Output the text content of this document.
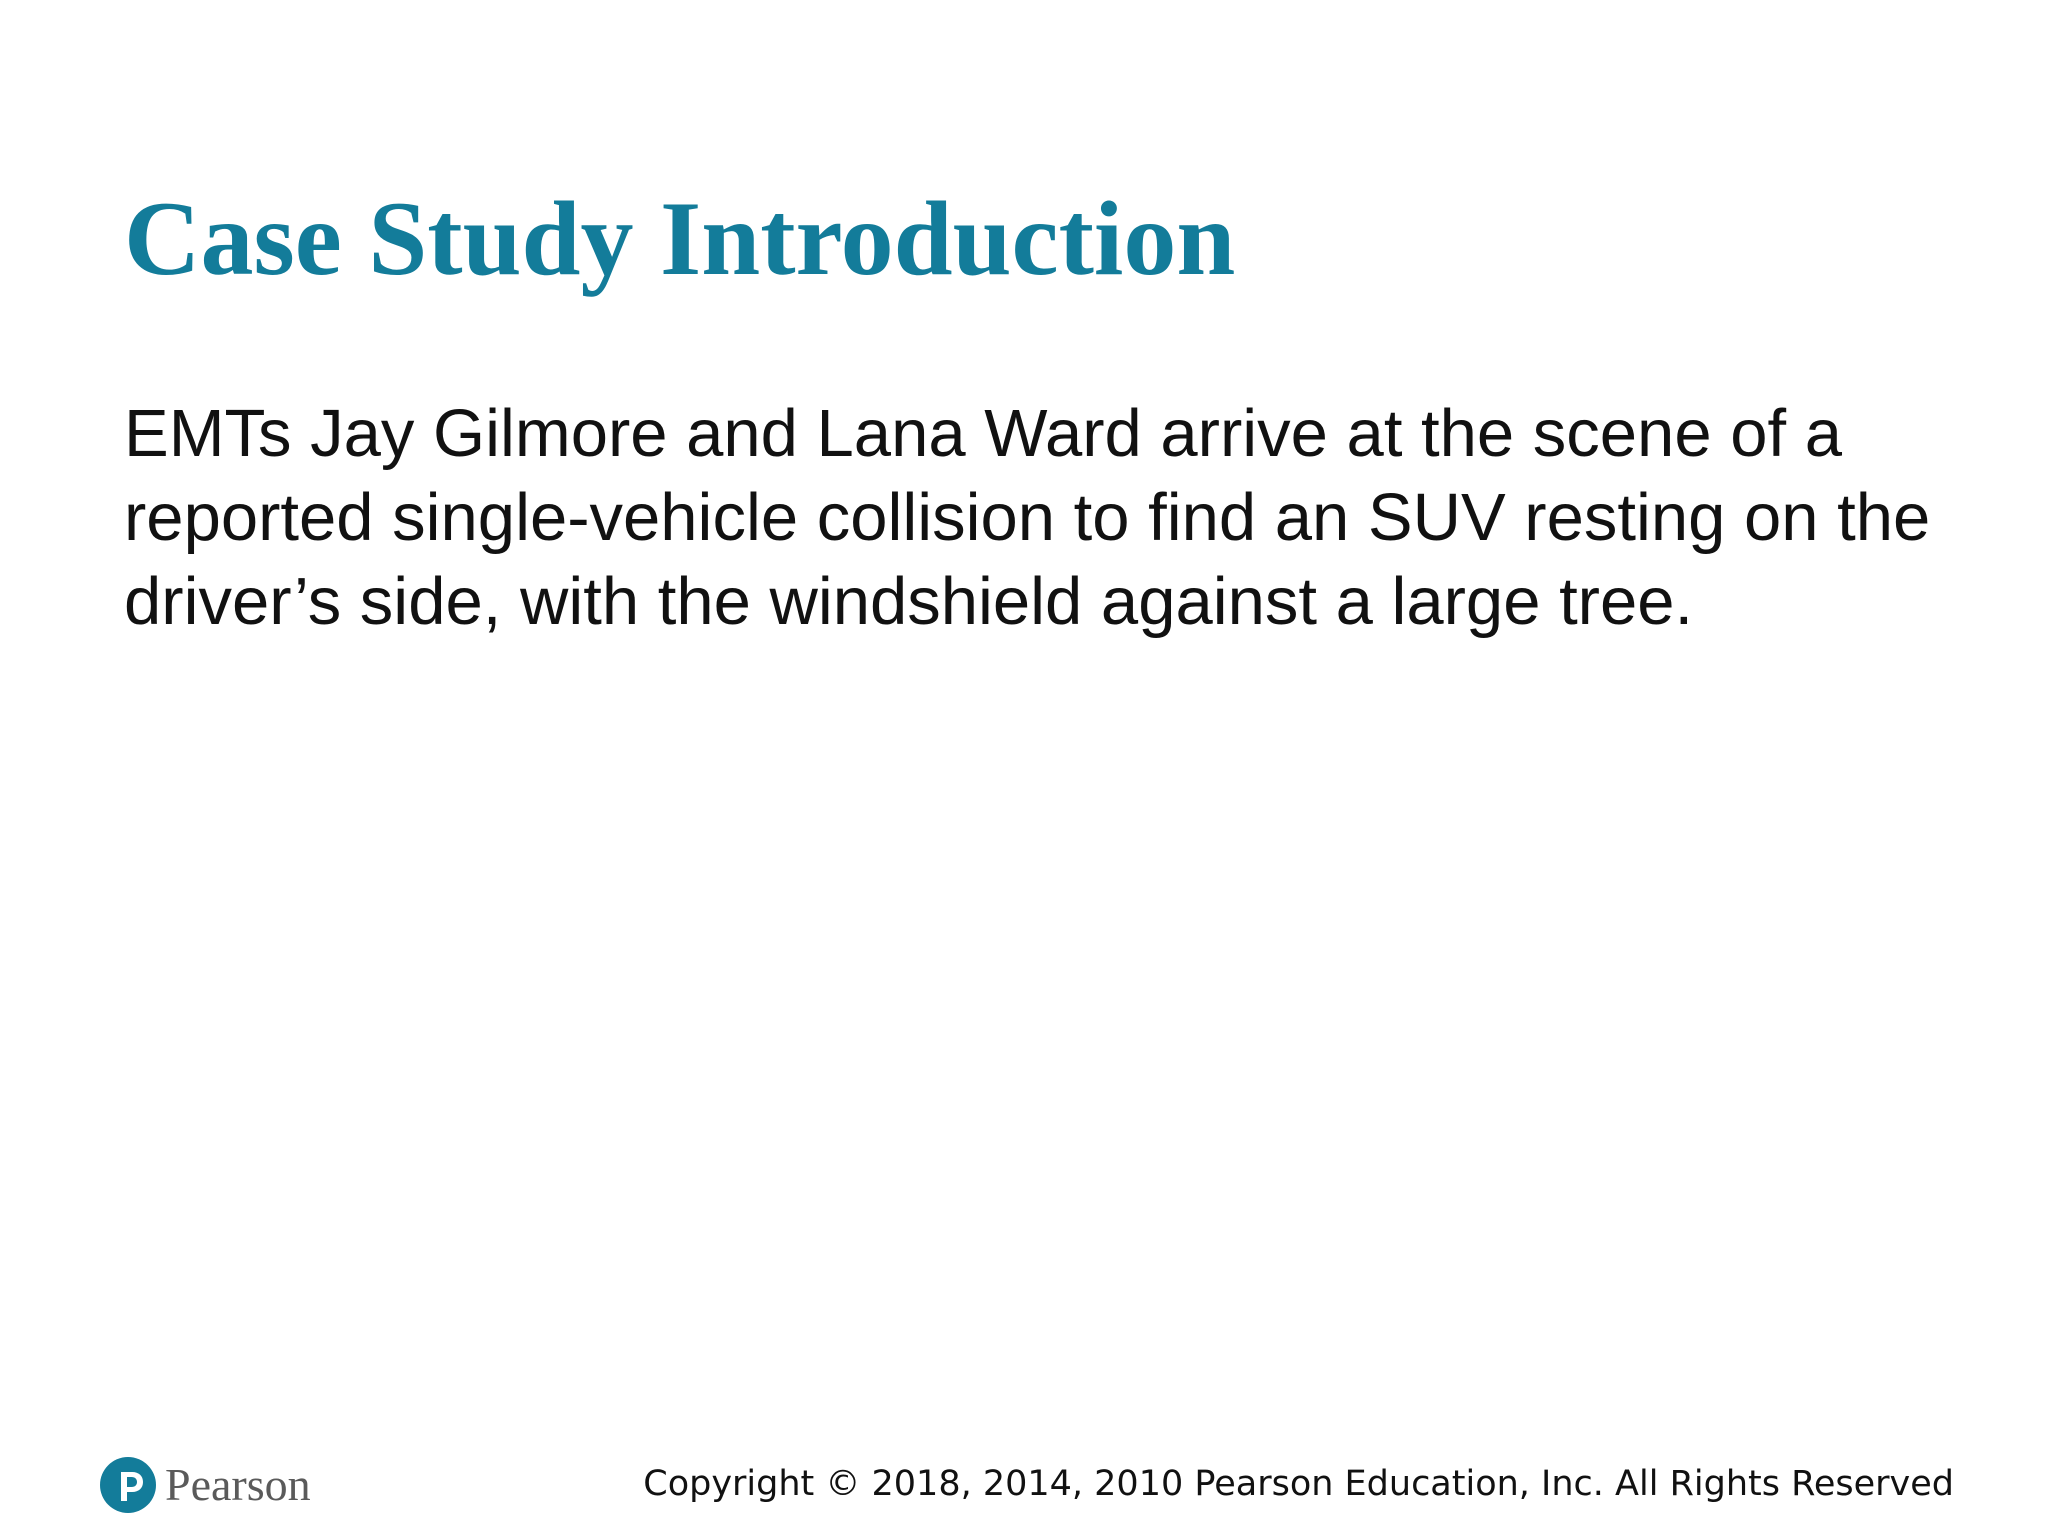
Case Study Introduction

EMTs Jay Gilmore and Lana Ward arrive at the scene of a reported single-vehicle collision to find an SUV resting on the driver’s side, with the windshield against a large tree.

Pearson	Copyright © 2018, 2014, 2010 Pearson Education, Inc. All Rights Reserved
